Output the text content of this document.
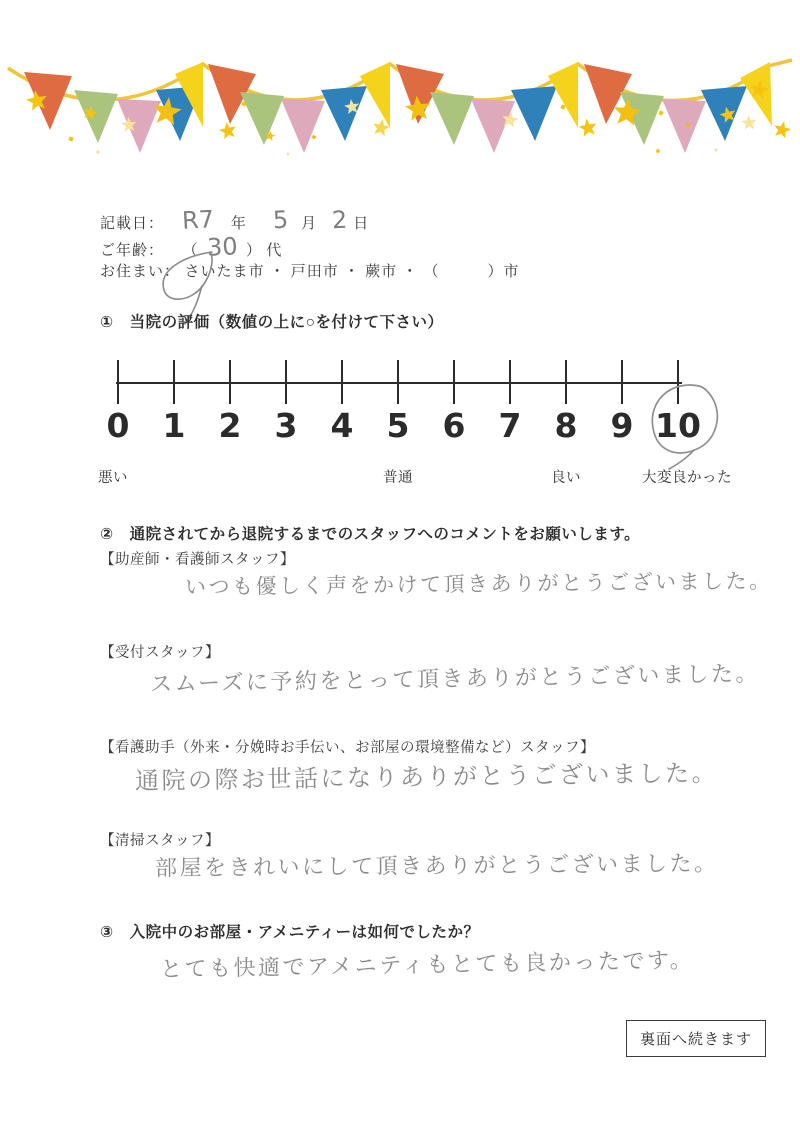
記載日： R7 年 5 月 2 日
ご年齢： （ 30 ） 代
お住まい： さいたま市 ・ 戸田市 ・ 蕨市 ・ （　　　）市
①　当院の評価（数値の上に○を付けて下さい）
0 1 2 3 4 5 6 7 8 9 10
悪い	普通	良い	大変良かった
②　通院されてから退院するまでのスタッフへのコメントをお願いします。
【助産師・看護師スタッフ】
いつも優しく声をかけて頂きありがとうございました。
【受付スタッフ】
スムーズに予約をとって頂きありがとうございました。
【看護助手（外来・分娩時お手伝い、お部屋の環境整備など）スタッフ】
通院の際お世話になりありがとうございました。
【清掃スタッフ】
部屋をきれいにして頂きありがとうございました。
③　入院中のお部屋・アメニティーは如何でしたか？
とても快適でアメニティもとても良かったです。
裏面へ続きます
